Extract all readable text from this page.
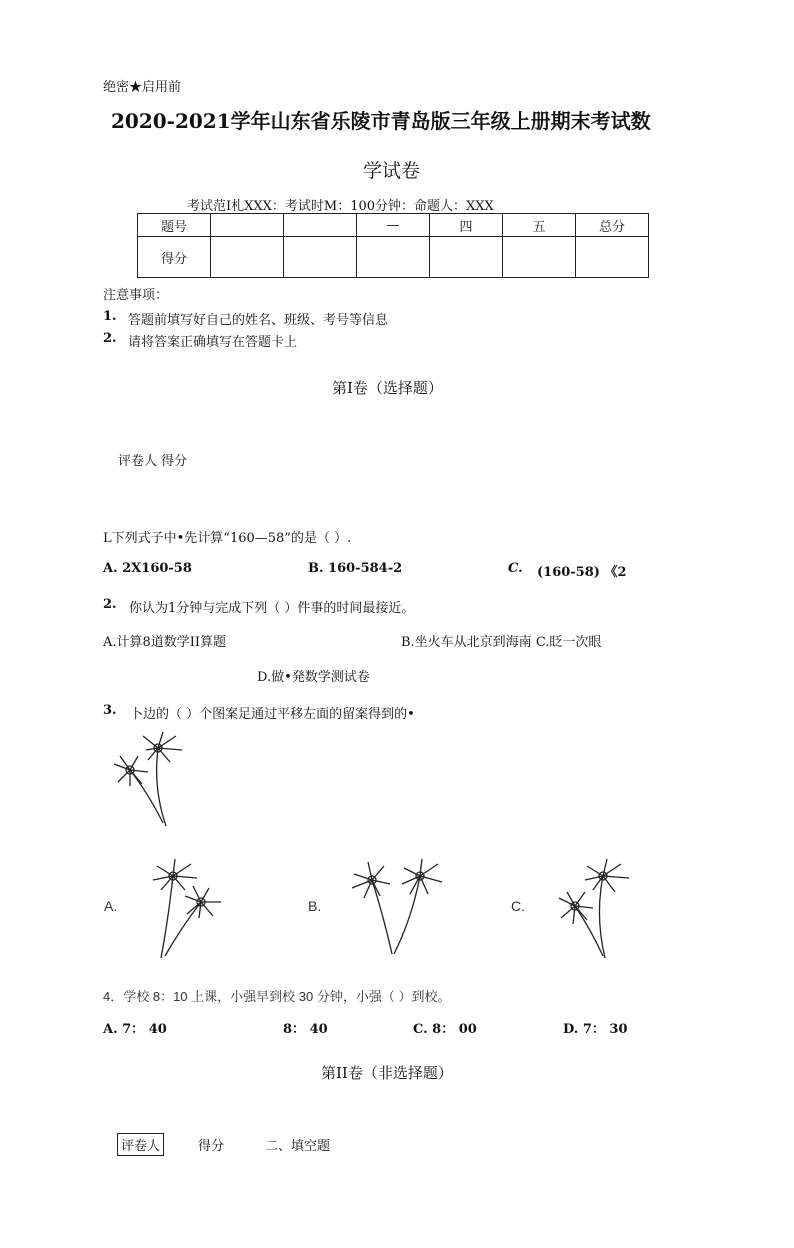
绝密★启用前
2020-2021学年山东省乐陵市青岛版三年级上册期末考试数
学试卷
考试范I札XXX：考试时M：100分钟：命题人：XXX
题号			—	四	五	总分
得分						
注意事项：
1. 答题前填写好自己的姓名、班级、考号等信息
2. 请将答案正确填写在答题卡上
第I卷（选择题）
评卷人 得分
L下列式子中•先计算“160—58”的是（ ）.
A. 2X160-58	B. 160-584-2	C. (160-58) 《2
2. 你认为1分钟与完成下列（ ）件事的时间最接近。
A.计算8道数学II算题	B.坐火车从北京到海南 C.眨一次眼
D.做•発数学测试卷
3. 卜边的（ ）个图案足通过平移左面的留案得到的•
A.	B.	C.
4．学校 8：10 上课，小强早到校 30 分钟，小强（ ）到校。
A. 7： 40	8： 40	C. 8： 00	D. 7： 30
第II卷（非选择题）
评卷人	得分	二、填空题
